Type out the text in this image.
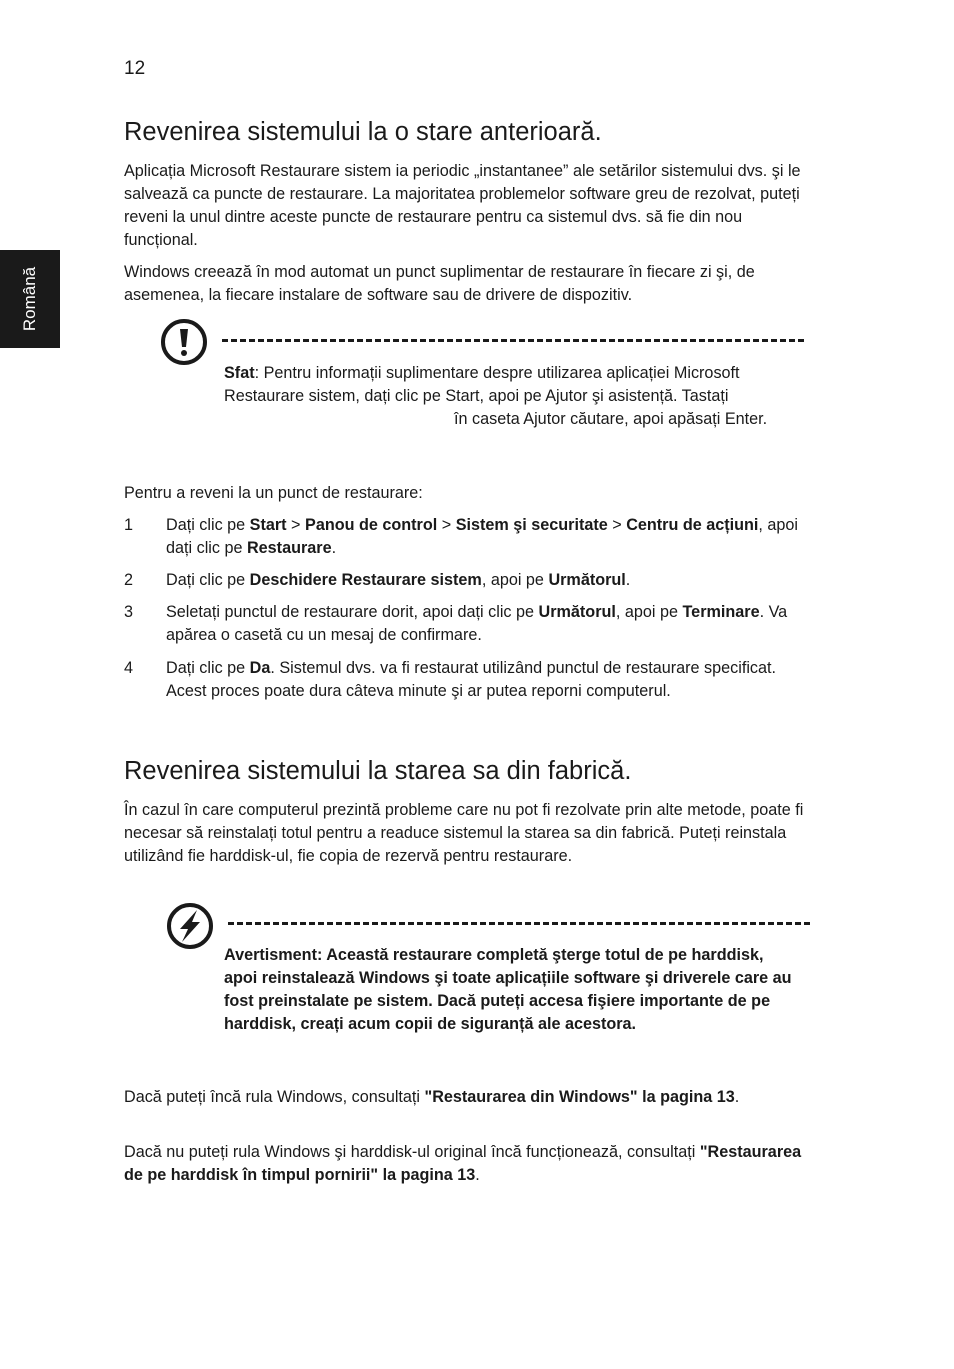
12
Română
Revenirea sistemului la o stare anterioară.

Aplicația Microsoft Restaurare sistem ia periodic „instantanee” ale setărilor sistemului dvs. şi le salvează ca puncte de restaurare. La majoritatea problemelor software greu de rezolvat, puteți reveni la unul dintre aceste puncte de restaurare pentru ca sistemul dvs. să fie din nou funcțional.

Windows creează în mod automat un punct suplimentar de restaurare în fiecare zi şi, de asemenea, la fiecare instalare de software sau de drivere de dispozitiv.

Sfat: Pentru informații suplimentare despre utilizarea aplicației Microsoft Restaurare sistem, dați clic pe Start, apoi pe Ajutor şi asistență. Tastațiîn caseta Ajutor căutare, apoi apăsați Enter.

Pentru a reveni la un punct de restaurare:

1 Dați clic pe Start > Panou de control > Sistem şi securitate > Centru de acțiuni, apoi dați clic pe Restaurare.
2 Dați clic pe Deschidere Restaurare sistem, apoi pe Următorul.
3 Seletați punctul de restaurare dorit, apoi dați clic pe Următorul, apoi pe Terminare. Va apărea o casetă cu un mesaj de confirmare.
4 Dați clic pe Da. Sistemul dvs. va fi restaurat utilizând punctul de restaurare specificat. Acest proces poate dura câteva minute şi ar putea reporni computerul.
Revenirea sistemului la starea sa din fabrică.

În cazul în care computerul prezintă probleme care nu pot fi rezolvate prin alte metode, poate fi necesar să reinstalați totul pentru a readuce sistemul la starea sa din fabrică. Puteți reinstala utilizând fie harddisk-ul, fie copia de rezervă pentru restaurare.

Avertisment: Această restaurare completă şterge totul de pe harddisk, apoi reinstalează Windows şi toate aplicațiile software şi driverele care au fost preinstalate pe sistem. Dacă puteți accesa fişiere importante de pe harddisk, creați acum copii de siguranță ale acestora.

Dacă puteți încă rula Windows, consultați "Restaurarea din Windows" la pagina 13.

Dacă nu puteți rula Windows şi harddisk-ul original încă funcționează, consultați "Restaurarea de pe harddisk în timpul pornirii" la pagina 13.
